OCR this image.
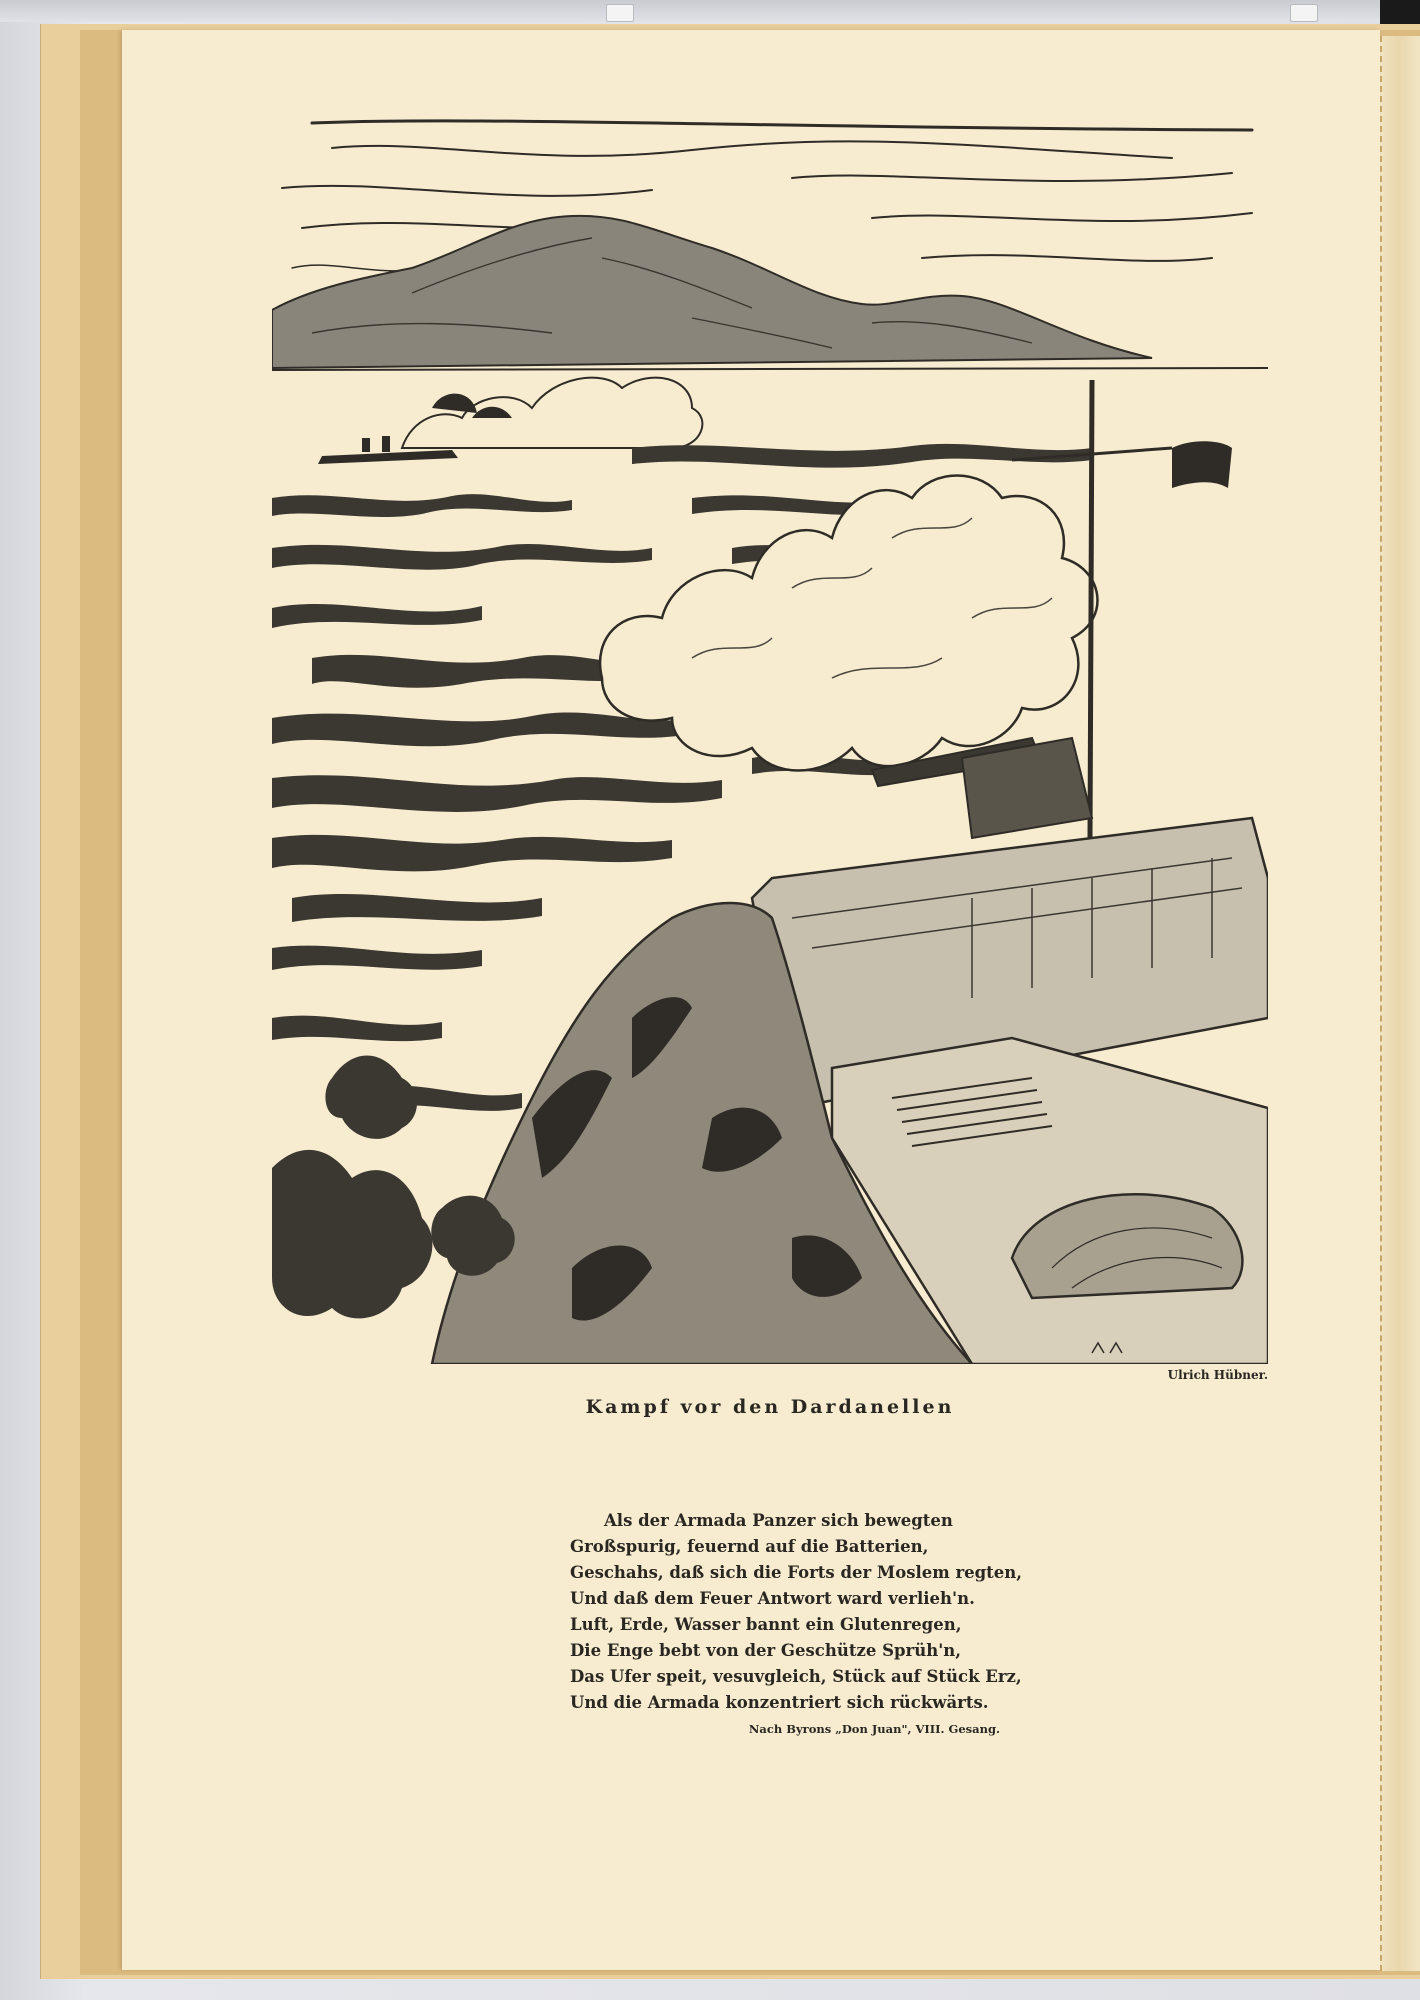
Ulrich Hübner.
Kampf vor den Dardanellen
Als der Armada Panzer sich bewegten
Großspurig, feuernd auf die Batterien,
Geschahs, daß sich die Forts der Moslem regten,
Und daß dem Feuer Antwort ward verlieh'n.
Luft, Erde, Wasser bannt ein Glutenregen,
Die Enge bebt von der Geschütze Sprüh'n,
Das Ufer speit, vesuvgleich, Stück auf Stück Erz,
Und die Armada konzentriert sich rückwärts.
Nach Byrons „Don Juan", VIII. Gesang.
